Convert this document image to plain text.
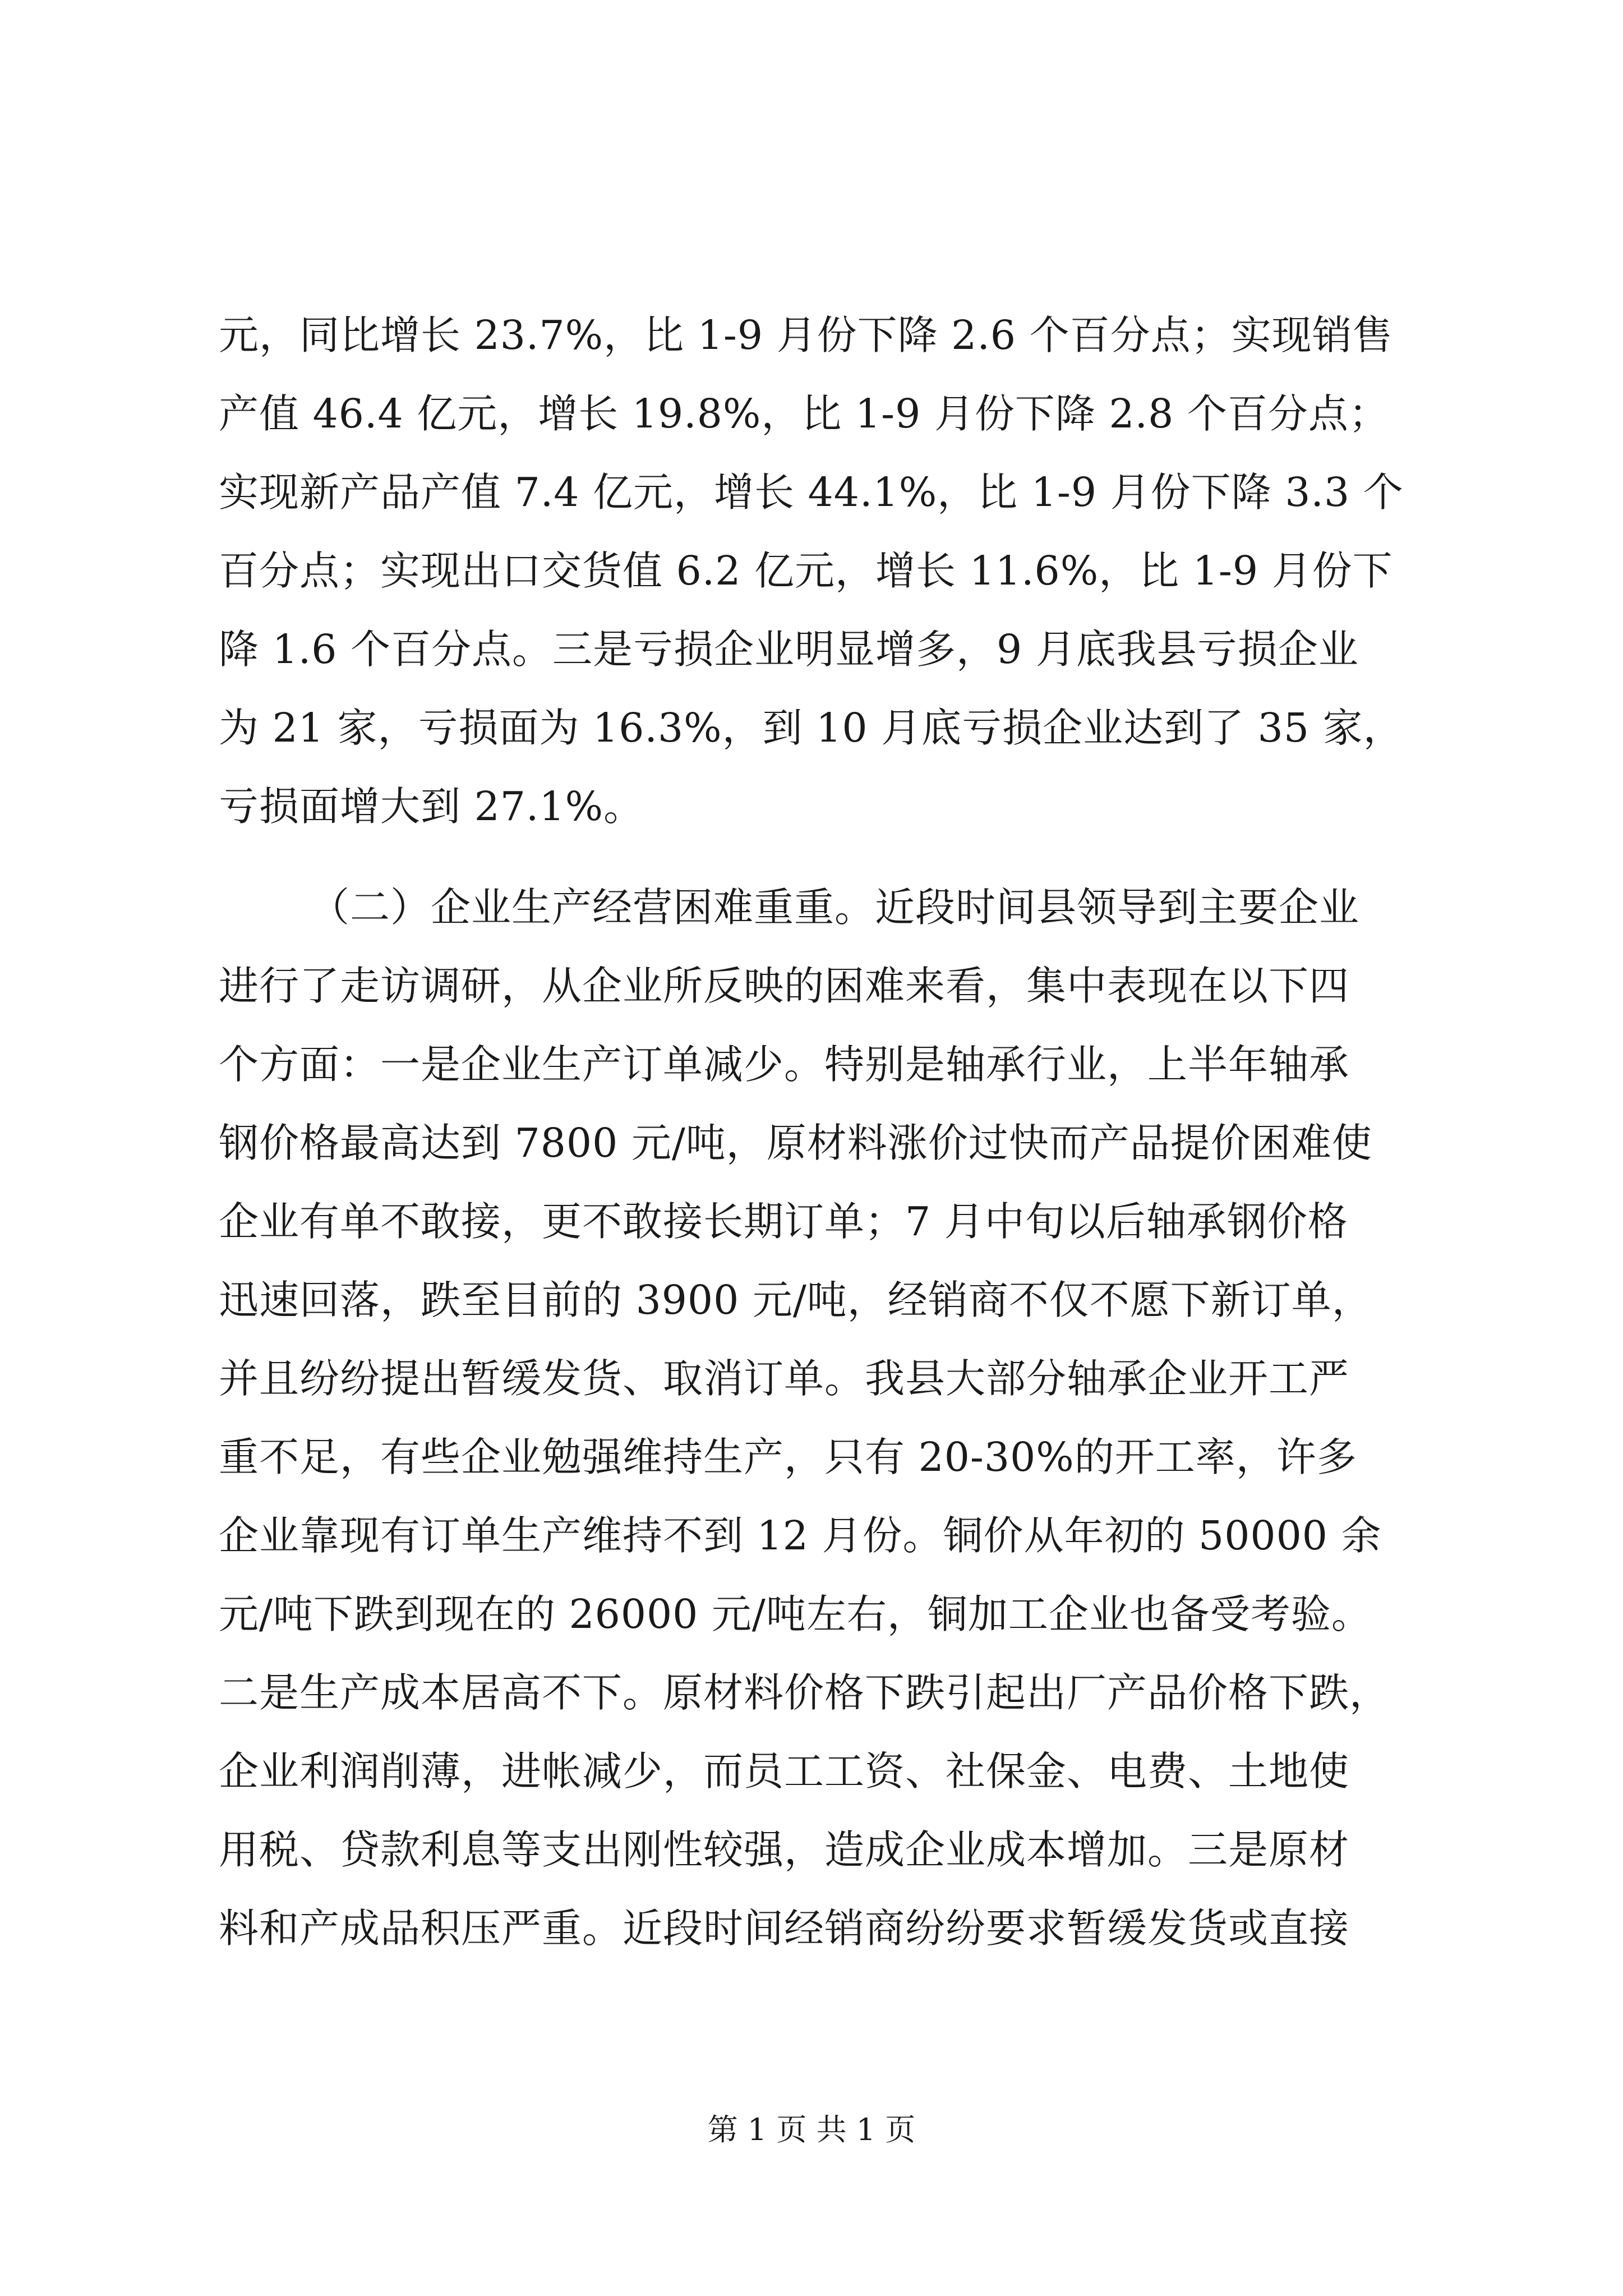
元，同比增长 23.7%，比 1-9 月份下降 2.6 个百分点；实现销售
产值 46.4 亿元，增长 19.8%，比 1-9 月份下降 2.8 个百分点；
实现新产品产值 7.4 亿元，增长 44.1%，比 1-9 月份下降 3.3 个
百分点；实现出口交货值 6.2 亿元，增长 11.6%，比 1-9 月份下
降 1.6 个百分点。三是亏损企业明显增多，9 月底我县亏损企业
为 21 家，亏损面为 16.3%，到 10 月底亏损企业达到了 35 家，
亏损面增大到 27.1%。
（二）企业生产经营困难重重。近段时间县领导到主要企业
进行了走访调研，从企业所反映的困难来看，集中表现在以下四
个方面：一是企业生产订单减少。特别是轴承行业，上半年轴承
钢价格最高达到 7800 元/吨，原材料涨价过快而产品提价困难使
企业有单不敢接，更不敢接长期订单；7 月中旬以后轴承钢价格
迅速回落，跌至目前的 3900 元/吨，经销商不仅不愿下新订单，
并且纷纷提出暂缓发货、取消订单。我县大部分轴承企业开工严
重不足，有些企业勉强维持生产，只有 20-30%的开工率，许多
企业靠现有订单生产维持不到 12 月份。铜价从年初的 50000 余
元/吨下跌到现在的 26000 元/吨左右，铜加工企业也备受考验。
二是生产成本居高不下。原材料价格下跌引起出厂产品价格下跌，
企业利润削薄，进帐减少，而员工工资、社保金、电费、土地使
用税、贷款利息等支出刚性较强，造成企业成本增加。三是原材
料和产成品积压严重。近段时间经销商纷纷要求暂缓发货或直接
第 1 页 共 1 页
